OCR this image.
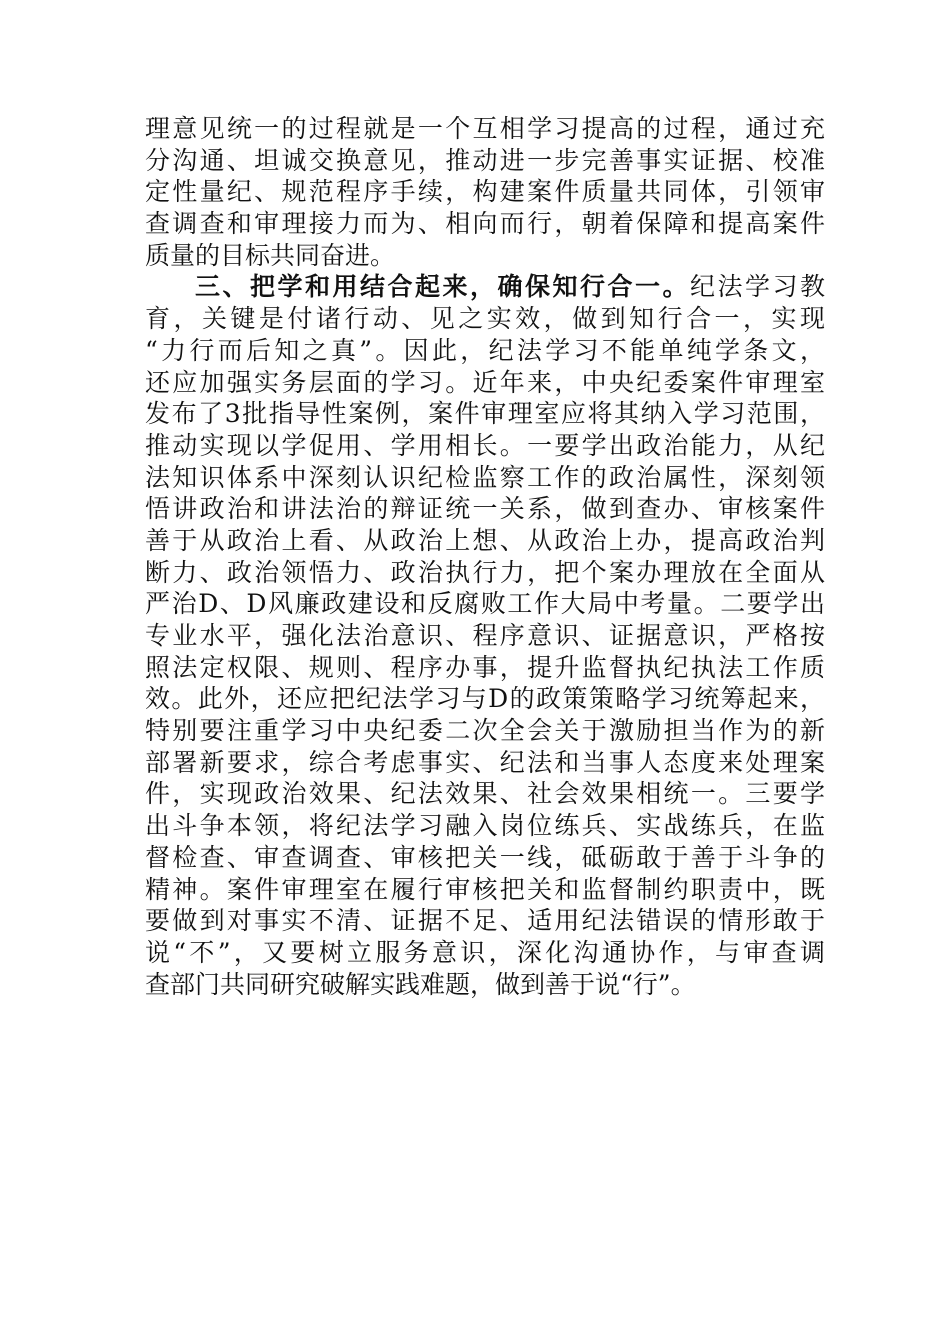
理意见统一的过程就是一个互相学习提高的过程，通过充
分沟通、坦诚交换意见，推动进一步完善事实证据、校准
定性量纪、规范程序手续，构建案件质量共同体，引领审
查调查和审理接力而为、相向而行，朝着保障和提高案件
质量的目标共同奋进。
三、把学和用结合起来，确保知行合一。纪法学习教
育，关键是付诸行动、见之实效，做到知行合一，实现
“力行而后知之真”。因此，纪法学习不能单纯学条文，
还应加强实务层面的学习。近年来，中央纪委案件审理室
发布了3批指导性案例，案件审理室应将其纳入学习范围，
推动实现以学促用、学用相长。一要学出政治能力，从纪
法知识体系中深刻认识纪检监察工作的政治属性，深刻领
悟讲政治和讲法治的辩证统一关系，做到查办、审核案件
善于从政治上看、从政治上想、从政治上办，提高政治判
断力、政治领悟力、政治执行力，把个案办理放在全面从
严治D、D风廉政建设和反腐败工作大局中考量。二要学出
专业水平，强化法治意识、程序意识、证据意识，严格按
照法定权限、规则、程序办事，提升监督执纪执法工作质
效。此外，还应把纪法学习与D的政策策略学习统筹起来，
特别要注重学习中央纪委二次全会关于激励担当作为的新
部署新要求，综合考虑事实、纪法和当事人态度来处理案
件，实现政治效果、纪法效果、社会效果相统一。三要学
出斗争本领，将纪法学习融入岗位练兵、实战练兵，在监
督检查、审查调查、审核把关一线，砥砺敢于善于斗争的
精神。案件审理室在履行审核把关和监督制约职责中，既
要做到对事实不清、证据不足、适用纪法错误的情形敢于
说“不”，又要树立服务意识，深化沟通协作，与审查调
查部门共同研究破解实践难题，做到善于说“行”。
